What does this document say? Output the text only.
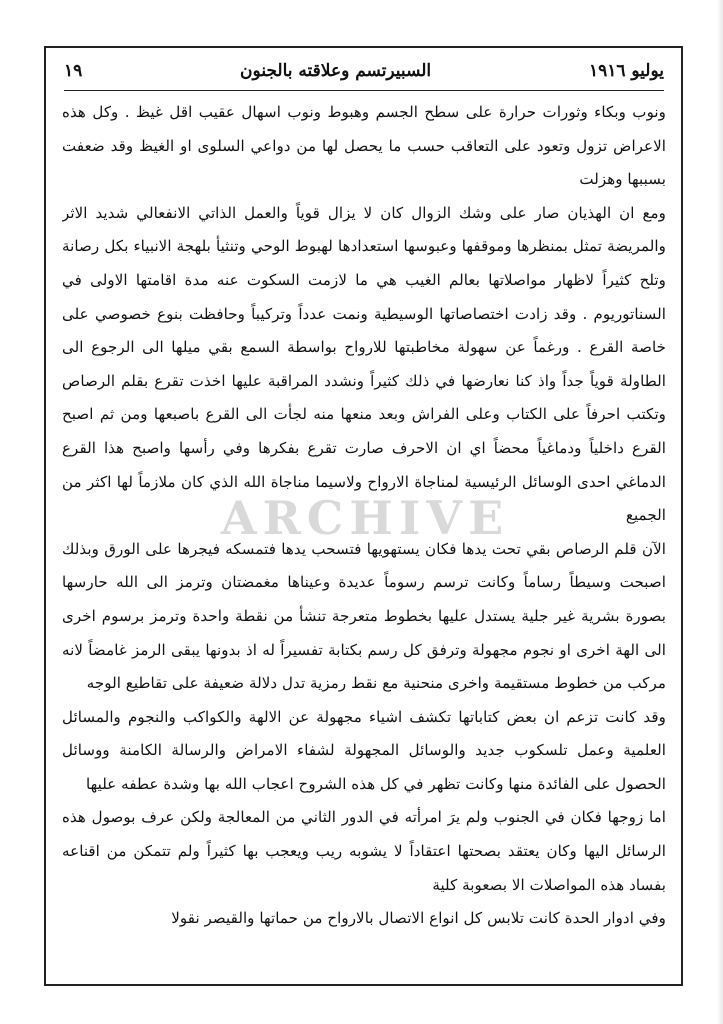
يوليو ١٩١٦
السبيرتسم وعلاقته بالجنون
١٩

ونوب وبكاء وثورات حرارة على سطح الجسم وهبوط ونوب اسهال عقيب اقل غيظ . وكل هذه الاعراض تزول وتعود على التعاقب حسب ما يحصل لها من دواعي السلوى او الغيظ وقد ضعفت بسببها وهزلت

ومع ان الهذيان صار على وشك الزوال كان لا يزال قوياً والعمل الذاتي الانفعالي شديد الاثر والمريضة تمثل بمنظرها وموقفها وعبوسها استعدادها لهبوط الوحي وتنثيأ بلهجة الانبياء بكل رصانة وتلح كثيراً لاظهار مواصلاتها بعالم الغيب هي ما لازمت السكوت عنه مدة اقامتها الاولى في السناتوريوم . وقد زادت اختصاصاتها الوسيطية ونمت عدداً وتركيباً وحافظت بنوع خصوصي على خاصة القرع . ورغماً عن سهولة مخاطبتها للارواح بواسطة السمع بقي ميلها الى الرجوع الى الطاولة قوياً جداً واذ كنا نعارضها في ذلك كثيراً ونشدد المراقبة عليها اخذت تقرع بقلم الرصاص وتكتب احرفاً على الكتاب وعلى الفراش وبعد منعها منه لجأت الى القرع باصبعها ومن ثم اصبح القرع داخلياً ودماغياً محضاً اي ان الاحرف صارت تقرع بفكرها وفي رأسها واصبح هذا القرع الدماغي احدى الوسائل الرئيسية لمناجاة الارواح ولاسيما مناجاة الله الذي كان ملازماً لها اكثر من الجميع

الآن قلم الرصاص بقي تحت يدها فكان يستهويها فتسحب يدها فتمسكه فيجرها على الورق وبذلك اصبحت وسيطاً رساماً وكانت ترسم رسوماً عديدة وعيناها مغمضتان وترمز الى الله حارسها بصورة بشرية غير جلية يستدل عليها بخطوط متعرجة تنشأ من نقطة واحدة وترمز برسوم اخرى الى الهة اخرى او نجوم مجهولة وترفق كل رسم بكتابة تفسيراً له اذ بدونها يبقى الرمز غامضاً لانه مركب من خطوط مستقيمة واخرى منحنية مع نقط رمزية تدل دلالة ضعيفة على تقاطيع الوجه

وقد كانت تزعم ان بعض كتاباتها تكشف اشياء مجهولة عن الالهة والكواكب والنجوم والمسائل العلمية وعمل تلسكوب جديد والوسائل المجهولة لشفاء الامراض والرسالة الكامنة ووسائل الحصول على الفائدة منها وكانت تظهر في كل هذه الشروح اعجاب الله بها وشدة عطفه عليها

اما زوجها فكان في الجنوب ولم يرَ امرأته في الدور الثاني من المعالجة ولكن عرف بوصول هذه الرسائل اليها وكان يعتقد بصحتها اعتقاداً لا يشوبه ريب ويعجب بها كثيراً ولم تتمكن من اقناعه بفساد هذه المواصلات الا بصعوبة كلية

وفي ادوار الحدة كانت تلابس كل انواع الاتصال بالارواح من حماتها والقيصر نقولا

ARCHIVE
